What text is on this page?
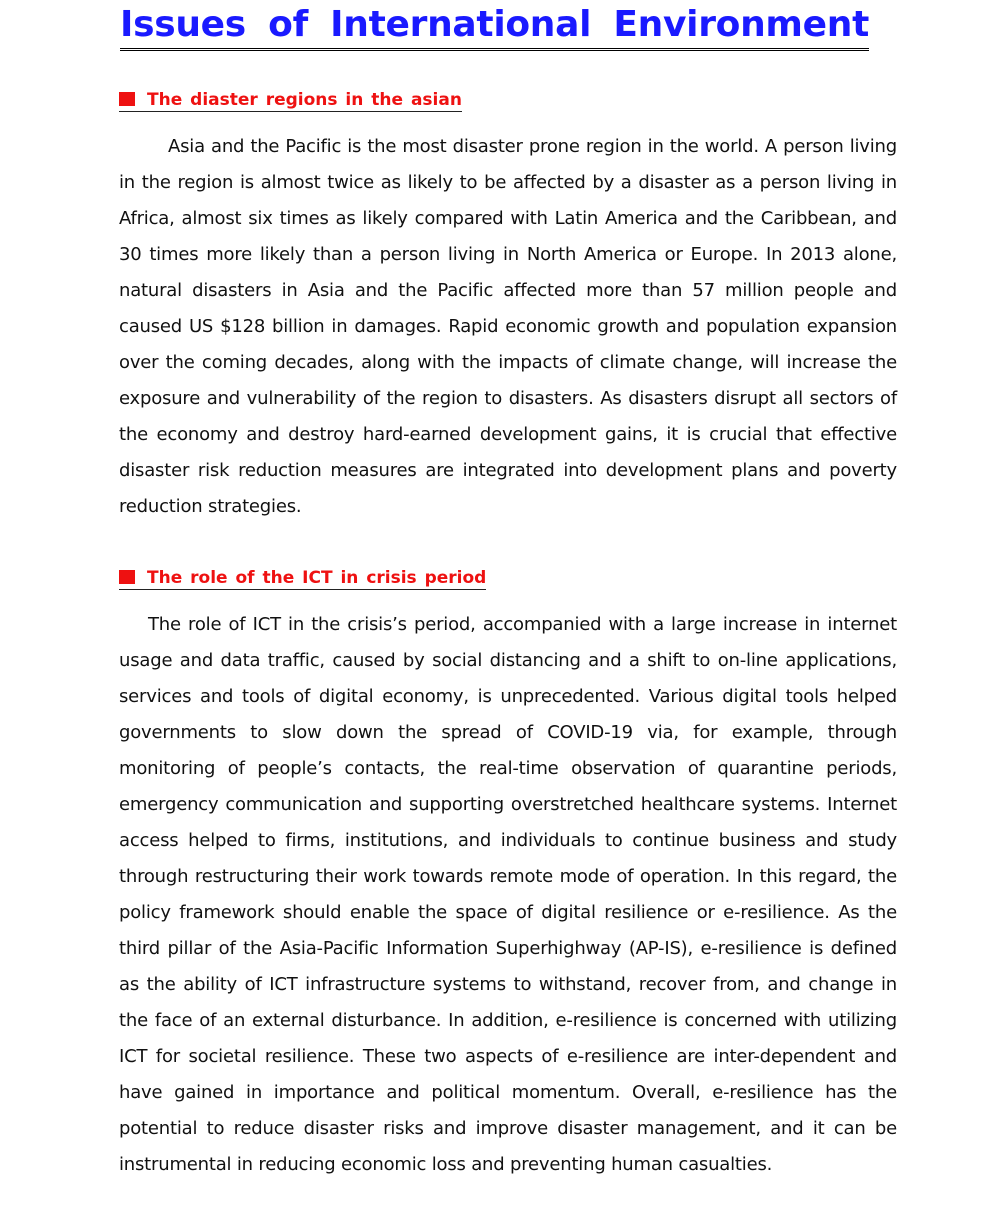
Issues of International Environment
The diaster regions in the asian

Asia and the Pacific is the most disaster prone region in the world. A person living in the region is almost twice as likely to be affected by a disaster as a person living in Africa, almost six times as likely compared with Latin America and the Caribbean, and 30 times more likely than a person living in North America or Europe. In 2013 alone, natural disasters in Asia and the Pacific affected more than 57 million people and caused US $128 billion in damages. Rapid economic growth and population expansion over the coming decades, along with the impacts of climate change, will increase the exposure and vulnerability of the region to disasters. As disasters disrupt all sectors of the economy and destroy hard-earned development gains, it is crucial that effective disaster risk reduction measures are integrated into development plans and poverty reduction strategies.

The role of the ICT in crisis period

The role of ICT in the crisis’s period, accompanied with a large increase in internet usage and data traffic, caused by social distancing and a shift to on-line applications, services and tools of digital economy, is unprecedented. Various digital tools helped governments to slow down the spread of COVID-19 via, for example, through monitoring of people’s contacts, the real-time observation of quarantine periods, emergency communication and supporting overstretched healthcare systems. Internet access helped to firms, institutions, and individuals to continue business and study through restructuring their work towards remote mode of operation. In this regard, the policy framework should enable the space of digital resilience or e-resilience. As the third pillar of the Asia-Pacific Information Superhighway (AP-IS), e-resilience is defined as the ability of ICT infrastructure systems to withstand, recover from, and change in the face of an external disturbance. In addition, e-resilience is concerned with utilizing ICT for societal resilience. These two aspects of e-resilience are inter-dependent and have gained in importance and political momentum. Overall, e-resilience has the potential to reduce disaster risks and improve disaster management, and it can be instrumental in reducing economic loss and preventing human casualties.
